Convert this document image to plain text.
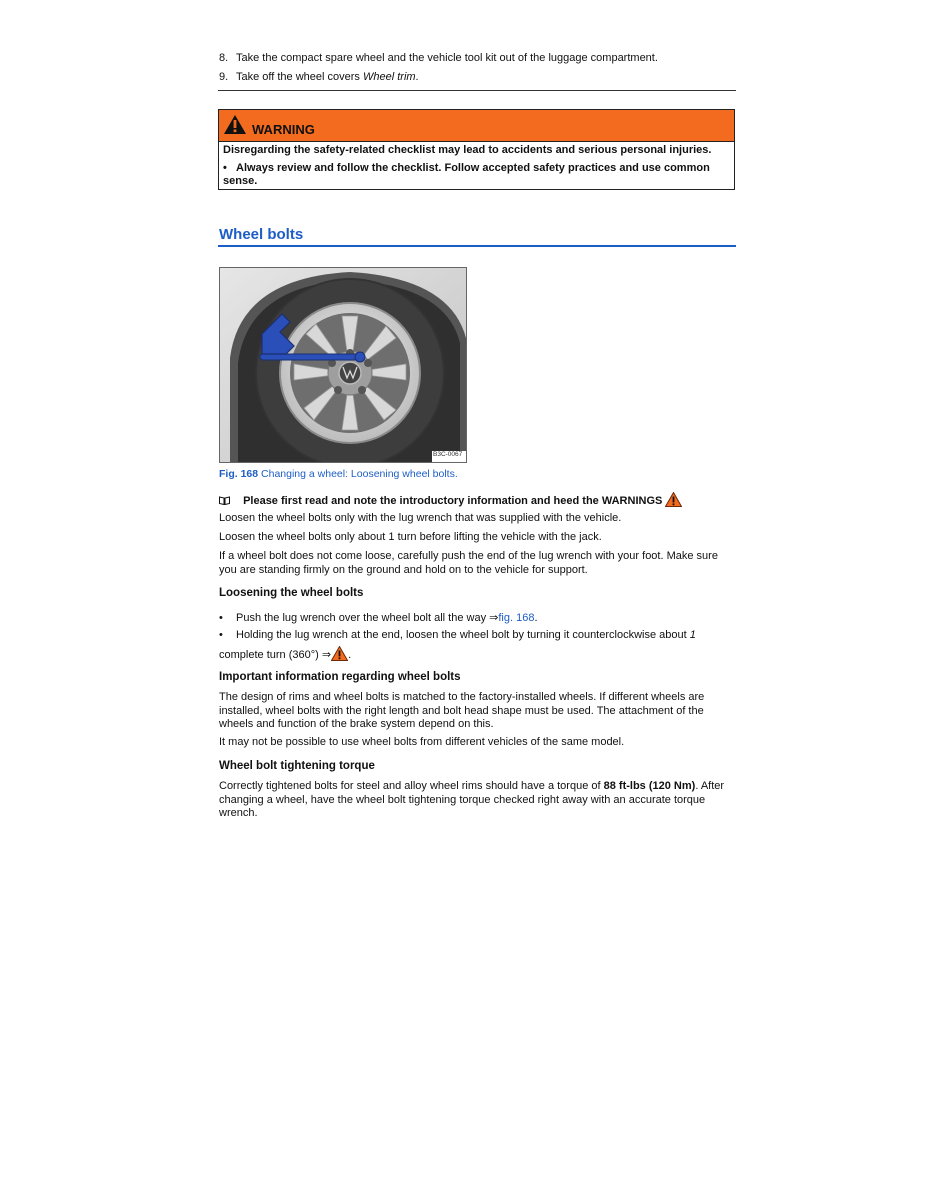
8. Take the compact spare wheel and the vehicle tool kit out of the luggage compartment.
9. Take off the wheel covers Wheel trim.
WARNING
Disregarding the safety-related checklist may lead to accidents and serious personal injuries.
• Always review and follow the checklist. Follow accepted safety practices and use common sense.
Wheel bolts
B3C-0067
Fig. 168 Changing a wheel: Loosening wheel bolts.
Please first read and note the introductory information and heed the WARNINGS

Loosen the wheel bolts only with the lug wrench that was supplied with the vehicle.

Loosen the wheel bolts only about 1 turn before lifting the vehicle with the jack.

If a wheel bolt does not come loose, carefully push the end of the lug wrench with your foot. Make sure you are standing firmly on the ground and hold on to the vehicle for support.

Loosening the wheel bolts
•	Push the lug wrench over the wheel bolt all the way ⇒fig. 168.
•	Holding the lug wrench at the end, loosen the wheel bolt by turning it counterclockwise about 1
complete turn (360°) ⇒ .
Important information regarding wheel bolts

The design of rims and wheel bolts is matched to the factory-installed wheels. If different wheels are installed, wheel bolts with the right length and bolt head shape must be used. The attachment of the wheels and function of the brake system depend on this.

It may not be possible to use wheel bolts from different vehicles of the same model.

Wheel bolt tightening torque

Correctly tightened bolts for steel and alloy wheel rims should have a torque of 88 ft-lbs (120 Nm). After changing a wheel, have the wheel bolt tightening torque checked right away with an accurate torque wrench.
